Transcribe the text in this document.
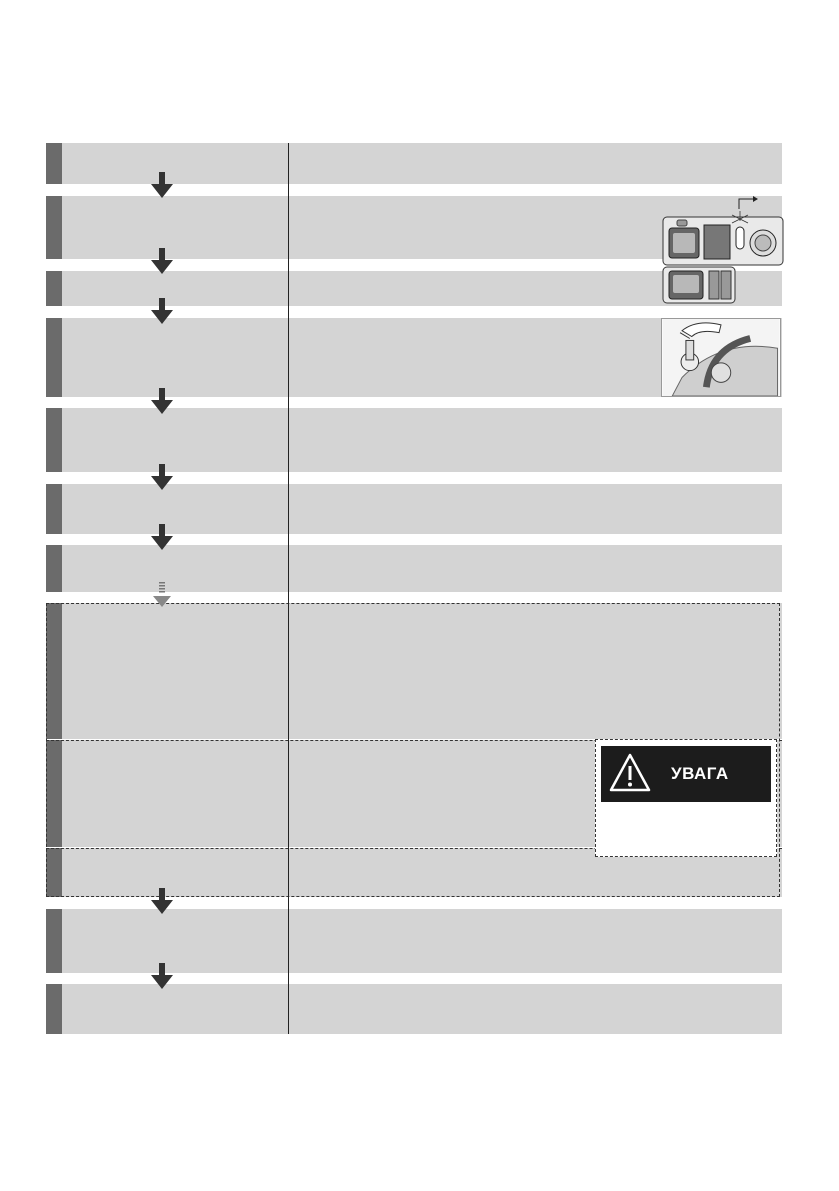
УВАГА
